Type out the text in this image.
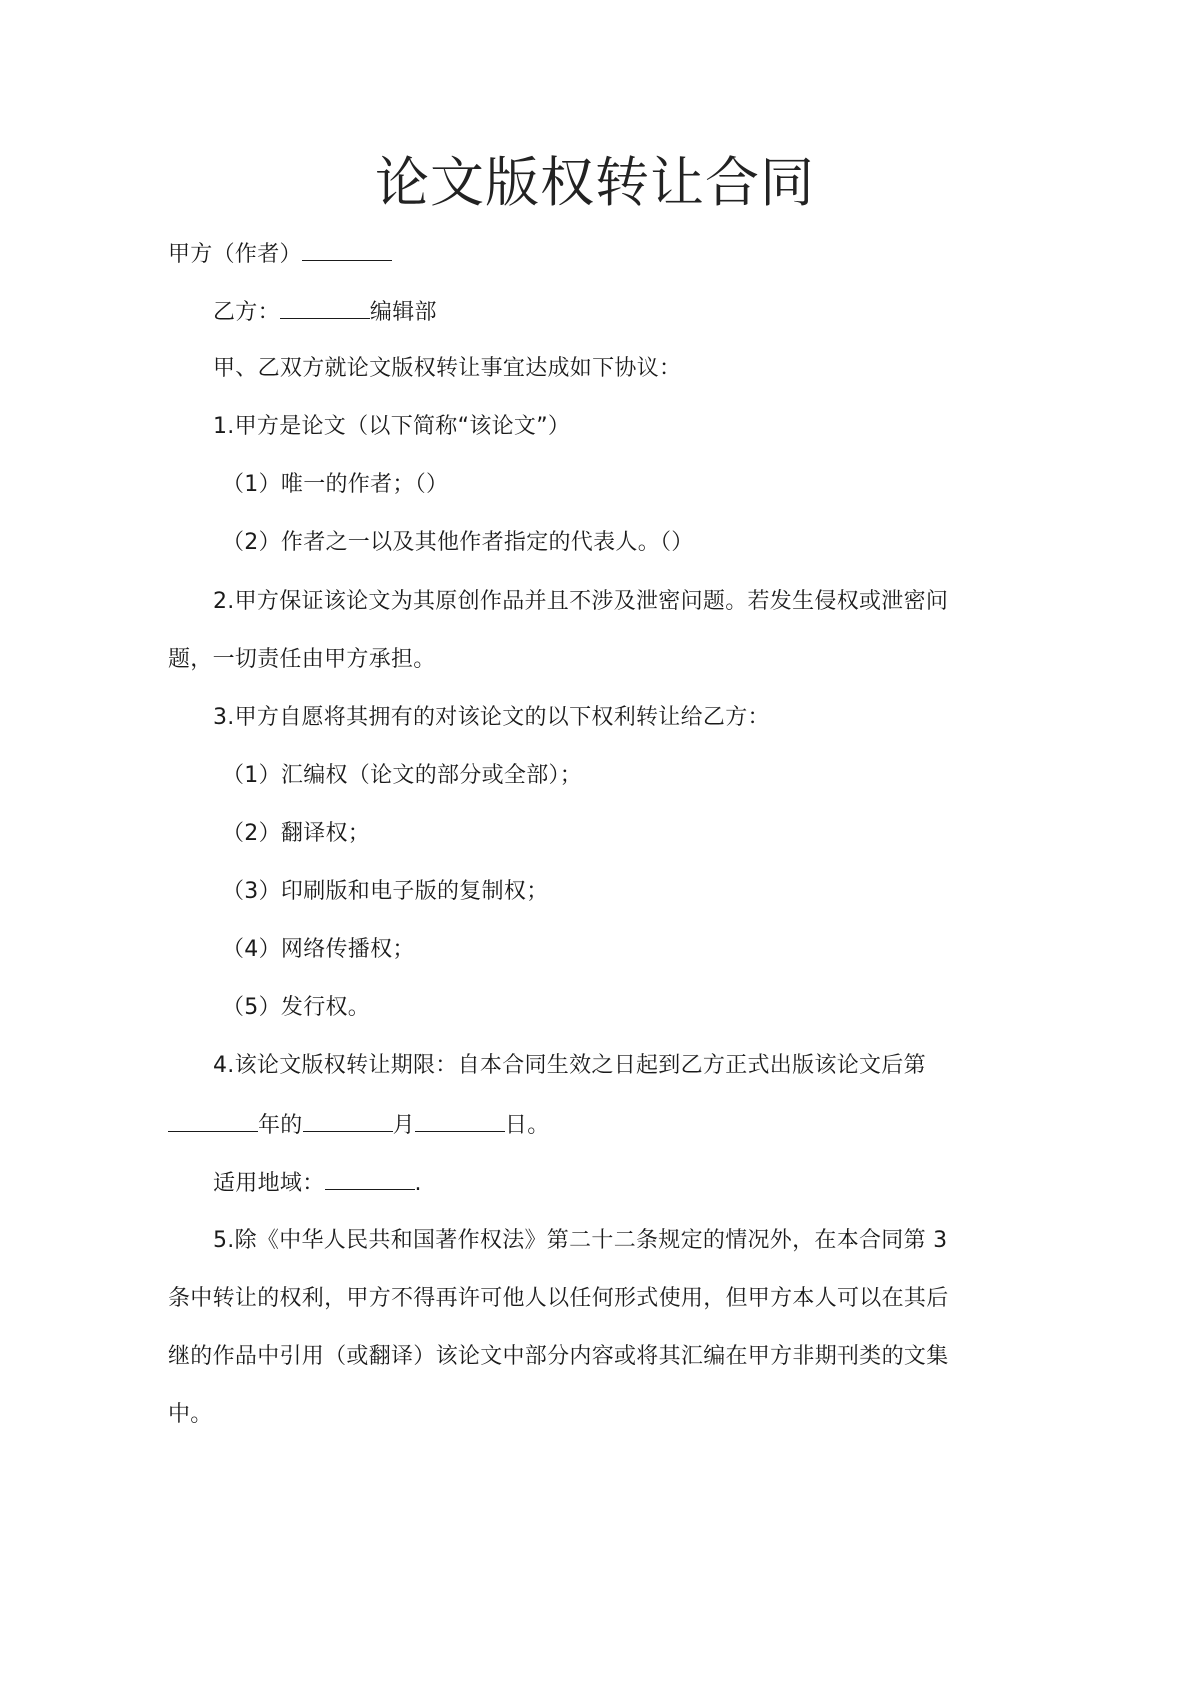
论文版权转让合同
甲方（作者）
乙方：	编辑部
甲、乙双方就论文版权转让事宜达成如下协议：
1.甲方是论文（以下简称“该论文”）
（1）唯一的作者；（）
（2）作者之一以及其他作者指定的代表人。（）
2.甲方保证该论文为其原创作品并且不涉及泄密问题。若发生侵权或泄密问
题，一切责任由甲方承担。
3.甲方自愿将其拥有的对该论文的以下权利转让给乙方：
（1）汇编权（论文的部分或全部）；
（2）翻译权；
（3）印刷版和电子版的复制权；
（4）网络传播权；
（5）发行权。
4.该论文版权转让期限：自本合同生效之日起到乙方正式出版该论文后第
年的	月	日。
适用地域：	.
5.除《中华人民共和国著作权法》第二十二条规定的情况外，在本合同第 3
条中转让的权利，甲方不得再许可他人以任何形式使用，但甲方本人可以在其后
继的作品中引用（或翻译）该论文中部分内容或将其汇编在甲方非期刊类的文集
中。
